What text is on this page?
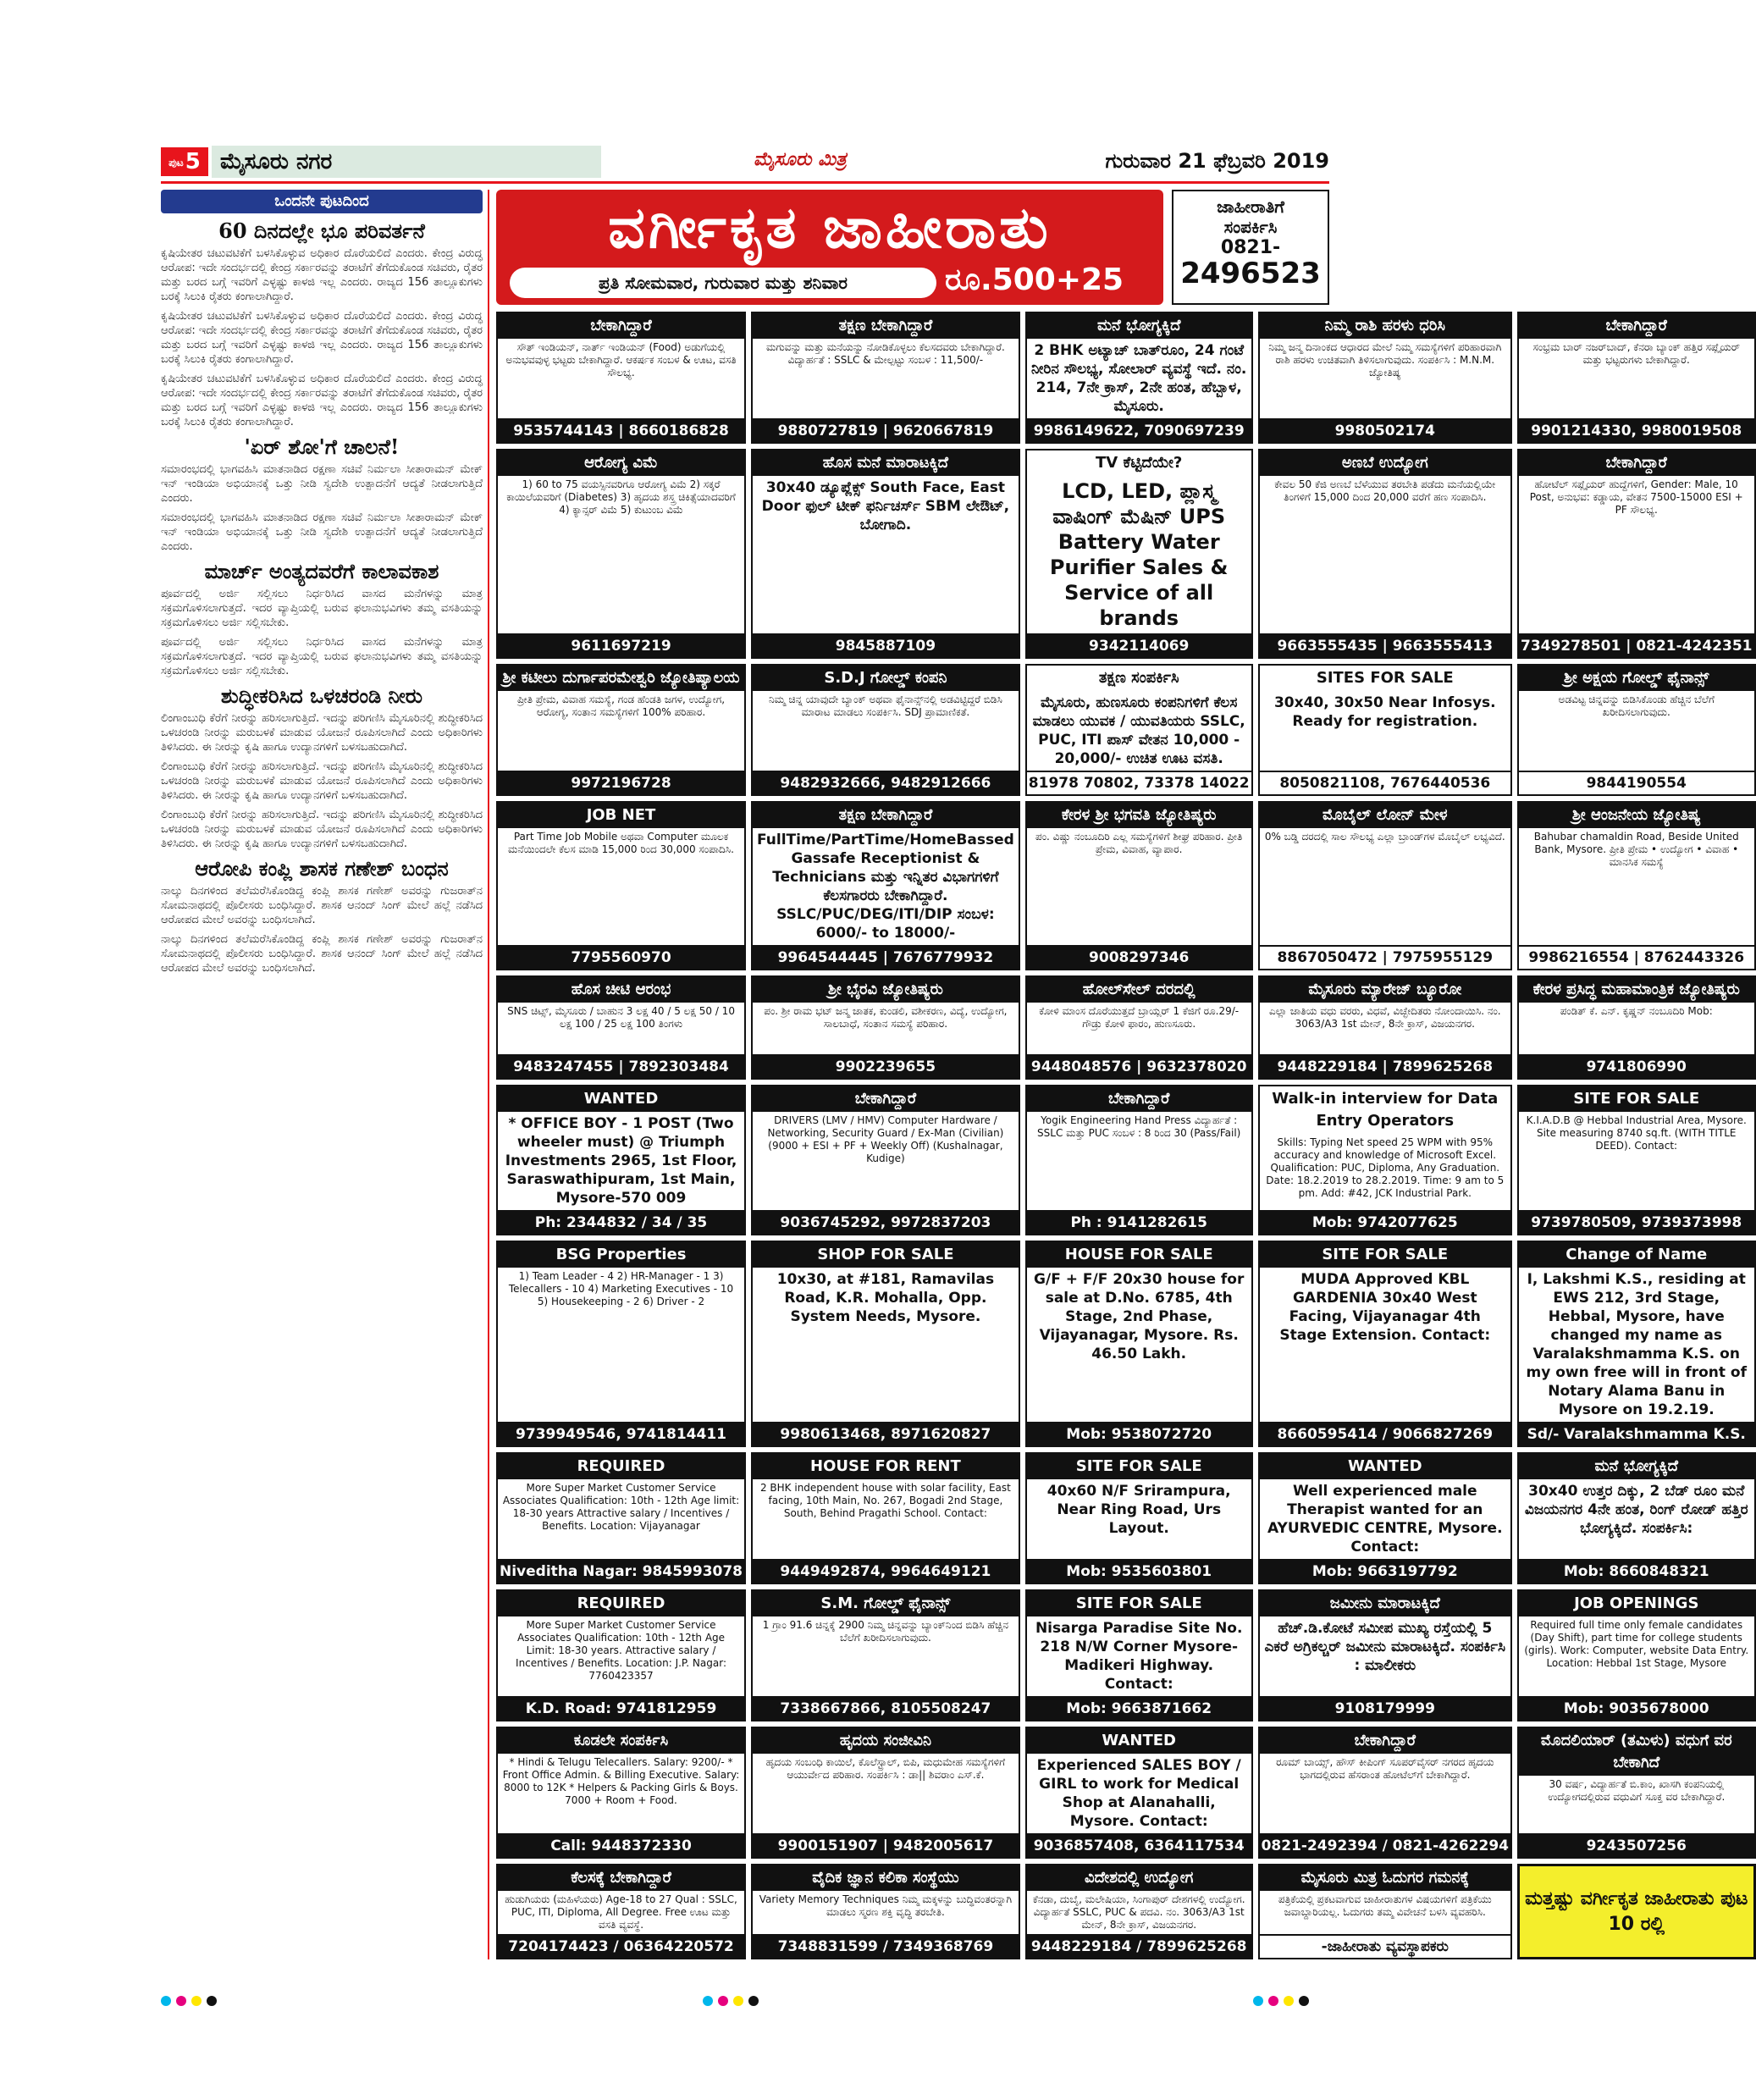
ಪುಟ5 ಮೈಸೂರು ನಗರ	ಮೈಸೂರು ಮಿತ್ರ	ಗುರುವಾರ 21 ಫೆಬ್ರವರಿ 2019
ಒಂದನೇ ಪುಟದಿಂದ
60 ದಿನದಲ್ಲೇ ಭೂ ಪರಿವರ್ತನೆ

ಕೃಷಿಯೇತರ ಚಟುವಟಿಕೆಗೆ ಬಳಸಿಕೊಳ್ಳುವ ಅಧಿಕಾರ ದೊರೆಯಲಿದೆ ಎಂದರು. ಕೇಂದ್ರ ವಿರುದ್ಧ ಆರೋಪ: ಇದೇ ಸಂದರ್ಭದಲ್ಲಿ ಕೇಂದ್ರ ಸರ್ಕಾರವನ್ನು ತರಾಟೆಗೆ ತೆಗೆದುಕೊಂಡ ಸಚಿವರು, ರೈತರ ಮತ್ತು ಬರದ ಬಗ್ಗೆ ಇವರಿಗೆ ಎಳ್ಳಷ್ಟು ಕಾಳಜಿ ಇಲ್ಲ ಎಂದರು. ರಾಜ್ಯದ 156 ತಾಲ್ಲೂಕುಗಳು ಬರಕ್ಕೆ ಸಿಲುಕಿ ರೈತರು ಕಂಗಾಲಾಗಿದ್ದಾರೆ.

ಕೃಷಿಯೇತರ ಚಟುವಟಿಕೆಗೆ ಬಳಸಿಕೊಳ್ಳುವ ಅಧಿಕಾರ ದೊರೆಯಲಿದೆ ಎಂದರು. ಕೇಂದ್ರ ವಿರುದ್ಧ ಆರೋಪ: ಇದೇ ಸಂದರ್ಭದಲ್ಲಿ ಕೇಂದ್ರ ಸರ್ಕಾರವನ್ನು ತರಾಟೆಗೆ ತೆಗೆದುಕೊಂಡ ಸಚಿವರು, ರೈತರ ಮತ್ತು ಬರದ ಬಗ್ಗೆ ಇವರಿಗೆ ಎಳ್ಳಷ್ಟು ಕಾಳಜಿ ಇಲ್ಲ ಎಂದರು. ರಾಜ್ಯದ 156 ತಾಲ್ಲೂಕುಗಳು ಬರಕ್ಕೆ ಸಿಲುಕಿ ರೈತರು ಕಂಗಾಲಾಗಿದ್ದಾರೆ.

ಕೃಷಿಯೇತರ ಚಟುವಟಿಕೆಗೆ ಬಳಸಿಕೊಳ್ಳುವ ಅಧಿಕಾರ ದೊರೆಯಲಿದೆ ಎಂದರು. ಕೇಂದ್ರ ವಿರುದ್ಧ ಆರೋಪ: ಇದೇ ಸಂದರ್ಭದಲ್ಲಿ ಕೇಂದ್ರ ಸರ್ಕಾರವನ್ನು ತರಾಟೆಗೆ ತೆಗೆದುಕೊಂಡ ಸಚಿವರು, ರೈತರ ಮತ್ತು ಬರದ ಬಗ್ಗೆ ಇವರಿಗೆ ಎಳ್ಳಷ್ಟು ಕಾಳಜಿ ಇಲ್ಲ ಎಂದರು. ರಾಜ್ಯದ 156 ತಾಲ್ಲೂಕುಗಳು ಬರಕ್ಕೆ ಸಿಲುಕಿ ರೈತರು ಕಂಗಾಲಾಗಿದ್ದಾರೆ.

'ಏರ್ ಶೋ'ಗೆ ಚಾಲನೆ!

ಸಮಾರಂಭದಲ್ಲಿ ಭಾಗವಹಿಸಿ ಮಾತನಾಡಿದ ರಕ್ಷಣಾ ಸಚಿವೆ ನಿರ್ಮಲಾ ಸೀತಾರಾಮನ್ ಮೇಕ್ ಇನ್ ಇಂಡಿಯಾ ಅಭಿಯಾನಕ್ಕೆ ಒತ್ತು ನೀಡಿ ಸ್ವದೇಶಿ ಉತ್ಪಾದನೆಗೆ ಆದ್ಯತೆ ನೀಡಲಾಗುತ್ತಿದೆ ಎಂದರು.

ಸಮಾರಂಭದಲ್ಲಿ ಭಾಗವಹಿಸಿ ಮಾತನಾಡಿದ ರಕ್ಷಣಾ ಸಚಿವೆ ನಿರ್ಮಲಾ ಸೀತಾರಾಮನ್ ಮೇಕ್ ಇನ್ ಇಂಡಿಯಾ ಅಭಿಯಾನಕ್ಕೆ ಒತ್ತು ನೀಡಿ ಸ್ವದೇಶಿ ಉತ್ಪಾದನೆಗೆ ಆದ್ಯತೆ ನೀಡಲಾಗುತ್ತಿದೆ ಎಂದರು.

ಮಾರ್ಚ್ ಅಂತ್ಯದವರೆಗೆ ಕಾಲಾವಕಾಶ

ಪೂರ್ವದಲ್ಲಿ ಅರ್ಜಿ ಸಲ್ಲಿಸಲು ನಿರ್ಧರಿಸಿದ ವಾಸದ ಮನೆಗಳನ್ನು ಮಾತ್ರ ಸಕ್ರಮಗೊಳಿಸಲಾಗುತ್ತದೆ. ಇದರ ವ್ಯಾಪ್ತಿಯಲ್ಲಿ ಬರುವ ಫಲಾನುಭವಿಗಳು ತಮ್ಮ ವಸತಿಯನ್ನು ಸಕ್ರಮಗೊಳಿಸಲು ಅರ್ಜಿ ಸಲ್ಲಿಸಬೇಕು.

ಪೂರ್ವದಲ್ಲಿ ಅರ್ಜಿ ಸಲ್ಲಿಸಲು ನಿರ್ಧರಿಸಿದ ವಾಸದ ಮನೆಗಳನ್ನು ಮಾತ್ರ ಸಕ್ರಮಗೊಳಿಸಲಾಗುತ್ತದೆ. ಇದರ ವ್ಯಾಪ್ತಿಯಲ್ಲಿ ಬರುವ ಫಲಾನುಭವಿಗಳು ತಮ್ಮ ವಸತಿಯನ್ನು ಸಕ್ರಮಗೊಳಿಸಲು ಅರ್ಜಿ ಸಲ್ಲಿಸಬೇಕು.

ಶುದ್ಧೀಕರಿಸಿದ ಒಳಚರಂಡಿ ನೀರು

ಲಿಂಗಾಂಬುಧಿ ಕೆರೆಗೆ ನೀರನ್ನು ಹರಿಸಲಾಗುತ್ತಿದೆ. ಇದನ್ನು ಪರಿಗಣಿಸಿ ಮೈಸೂರಿನಲ್ಲಿ ಶುದ್ಧೀಕರಿಸಿದ ಒಳಚರಂಡಿ ನೀರನ್ನು ಮರುಬಳಕೆ ಮಾಡುವ ಯೋಜನೆ ರೂಪಿಸಲಾಗಿದೆ ಎಂದು ಅಧಿಕಾರಿಗಳು ತಿಳಿಸಿದರು. ಈ ನೀರನ್ನು ಕೃಷಿ ಹಾಗೂ ಉದ್ಯಾನಗಳಿಗೆ ಬಳಸಬಹುದಾಗಿದೆ.

ಲಿಂಗಾಂಬುಧಿ ಕೆರೆಗೆ ನೀರನ್ನು ಹರಿಸಲಾಗುತ್ತಿದೆ. ಇದನ್ನು ಪರಿಗಣಿಸಿ ಮೈಸೂರಿನಲ್ಲಿ ಶುದ್ಧೀಕರಿಸಿದ ಒಳಚರಂಡಿ ನೀರನ್ನು ಮರುಬಳಕೆ ಮಾಡುವ ಯೋಜನೆ ರೂಪಿಸಲಾಗಿದೆ ಎಂದು ಅಧಿಕಾರಿಗಳು ತಿಳಿಸಿದರು. ಈ ನೀರನ್ನು ಕೃಷಿ ಹಾಗೂ ಉದ್ಯಾನಗಳಿಗೆ ಬಳಸಬಹುದಾಗಿದೆ.

ಲಿಂಗಾಂಬುಧಿ ಕೆರೆಗೆ ನೀರನ್ನು ಹರಿಸಲಾಗುತ್ತಿದೆ. ಇದನ್ನು ಪರಿಗಣಿಸಿ ಮೈಸೂರಿನಲ್ಲಿ ಶುದ್ಧೀಕರಿಸಿದ ಒಳಚರಂಡಿ ನೀರನ್ನು ಮರುಬಳಕೆ ಮಾಡುವ ಯೋಜನೆ ರೂಪಿಸಲಾಗಿದೆ ಎಂದು ಅಧಿಕಾರಿಗಳು ತಿಳಿಸಿದರು. ಈ ನೀರನ್ನು ಕೃಷಿ ಹಾಗೂ ಉದ್ಯಾನಗಳಿಗೆ ಬಳಸಬಹುದಾಗಿದೆ.

ಆರೋಪಿ ಕಂಪ್ಲಿ ಶಾಸಕ ಗಣೇಶ್ ಬಂಧನ

ನಾಲ್ಕು ದಿನಗಳಿಂದ ತಲೆಮರೆಸಿಕೊಂಡಿದ್ದ ಕಂಪ್ಲಿ ಶಾಸಕ ಗಣೇಶ್ ಅವರನ್ನು ಗುಜರಾತ್‌ನ ಸೋಮನಾಥದಲ್ಲಿ ಪೊಲೀಸರು ಬಂಧಿಸಿದ್ದಾರೆ. ಶಾಸಕ ಆನಂದ್ ಸಿಂಗ್ ಮೇಲೆ ಹಲ್ಲೆ ನಡೆಸಿದ ಆರೋಪದ ಮೇಲೆ ಅವರನ್ನು ಬಂಧಿಸಲಾಗಿದೆ.

ನಾಲ್ಕು ದಿನಗಳಿಂದ ತಲೆಮರೆಸಿಕೊಂಡಿದ್ದ ಕಂಪ್ಲಿ ಶಾಸಕ ಗಣೇಶ್ ಅವರನ್ನು ಗುಜರಾತ್‌ನ ಸೋಮನಾಥದಲ್ಲಿ ಪೊಲೀಸರು ಬಂಧಿಸಿದ್ದಾರೆ. ಶಾಸಕ ಆನಂದ್ ಸಿಂಗ್ ಮೇಲೆ ಹಲ್ಲೆ ನಡೆಸಿದ ಆರೋಪದ ಮೇಲೆ ಅವರನ್ನು ಬಂಧಿಸಲಾಗಿದೆ.

ವರ್ಗೀಕೃತ ಜಾಹೀರಾತು
ಪ್ರತಿ ಸೋಮವಾರ, ಗುರುವಾರ ಮತ್ತು ಶನಿವಾರ	ರೂ.500+25
ಜಾಹೀರಾತಿಗೆ
ಸಂಪರ್ಕಿಸಿ
0821-
2496523
ಬೇಕಾಗಿದ್ದಾರೆ
ಸೌತ್ ಇಂಡಿಯನ್, ನಾರ್ತ್ ಇಂಡಿಯನ್ (Food) ಅಡುಗೆಯಲ್ಲಿ ಅನುಭವವುಳ್ಳ ಭಟ್ಟರು ಬೇಕಾಗಿದ್ದಾರೆ. ಆಕರ್ಷಕ ಸಂಬಳ & ಊಟ, ವಸತಿ ಸೌಲಭ್ಯ.
9535744143 | 8660186828
ತಕ್ಷಣ ಬೇಕಾಗಿದ್ದಾರೆ
ಮಗುವನ್ನು ಮತ್ತು ಮನೆಯನ್ನು ನೋಡಿಕೊಳ್ಳಲು ಕೆಲಸದವರು ಬೇಕಾಗಿದ್ದಾರೆ. ವಿದ್ಯಾರ್ಹತೆ : SSLC & ಮೇಲ್ಪಟ್ಟು ಸಂಬಳ : 11,500/-
9880727819 | 9620667819
ಮನೆ ಭೋಗ್ಯಕ್ಕಿದೆ
2 BHK ಅಟ್ಯಾಚ್ ಬಾತ್‌ರೂಂ, 24 ಗಂಟೆ ನೀರಿನ ಸೌಲಭ್ಯ, ಸೋಲಾರ್ ವ್ಯವಸ್ಥೆ ಇದೆ. ನಂ. 214, 7ನೇ ಕ್ರಾಸ್, 2ನೇ ಹಂತ, ಹೆಬ್ಬಾಳ, ಮೈಸೂರು.
9986149622, 7090697239
ನಿಮ್ಮ ರಾಶಿ ಹರಳು ಧರಿಸಿ
ನಿಮ್ಮ ಜನ್ಮ ದಿನಾಂಕದ ಆಧಾರದ ಮೇಲೆ ನಿಮ್ಮ ಸಮಸ್ಯೆಗಳಿಗೆ ಪರಿಹಾರವಾಗಿ ರಾಶಿ ಹರಳು ಉಚಿತವಾಗಿ ತಿಳಿಸಲಾಗುವುದು. ಸಂಪರ್ಕಿಸಿ : M.N.M. ಜ್ಯೋತಿಷ್ಯ
9980502174
ಬೇಕಾಗಿದ್ದಾರೆ
ಸಂಭ್ರಮ ಬಾರ್ ನಜರ್‌ಬಾದ್, ಕೆನರಾ ಬ್ಯಾಂಕ್ ಹತ್ತಿರ ಸಪ್ಲೈಯರ್ ಮತ್ತು ಭಟ್ಟರುಗಳು ಬೇಕಾಗಿದ್ದಾರೆ.
9901214330, 9980019508
ಆರೋಗ್ಯ ವಿಮೆ
1) 60 to 75 ವಯಸ್ಸಿನವರಿಗೂ ಆರೋಗ್ಯ ವಿಮೆ 2) ಸಕ್ಕರೆ ಕಾಯಿಲೆಯವರಿಗೆ (Diabetes) 3) ಹೃದಯ ಶಸ್ತ್ರ ಚಿಕಿತ್ಸೆಯಾದವರಿಗೆ 4) ಕ್ಯಾನ್ಸರ್ ವಿಮೆ 5) ಕುಟುಂಬ ವಿಮೆ
9611697219
ಹೊಸ ಮನೆ ಮಾರಾಟಕ್ಕಿದೆ
30x40 ಡ್ಯೂಪ್ಲೆಕ್ಸ್ South Face, East Door ಫುಲ್ ಟೀಕ್ ಫರ್ನಿಚರ್ಸ್ SBM ಲೇಔಟ್, ಬೋಗಾದಿ.
9845887109
TV ಕೆಟ್ಟಿದೆಯೇ?
LCD, LED, ಪ್ಲಾಸ್ಮ ವಾಷಿಂಗ್ ಮೆಷಿನ್ UPS Battery Water Purifier Sales & Service of all brands
9342114069
ಅಣಬೆ ಉದ್ಯೋಗ
ಕೇವಲ 50 ಕೆಜಿ ಅಣಬೆ ಬೆಳೆಯುವ ತರಬೇತಿ ಪಡೆದು ಮನೆಯಲ್ಲಿಯೇ ತಿಂಗಳಿಗೆ 15,000 ದಿಂದ 20,000 ವರೆಗೆ ಹಣ ಸಂಪಾದಿಸಿ.
9663555435 | 9663555413
ಬೇಕಾಗಿದ್ದಾರೆ
ಹೋಟೆಲ್ ಸಪ್ಲೈಯರ್ ಹುದ್ದೆಗಳಿಗೆ, Gender: Male, 10 Post, ಅನುಭವ: ಕಡ್ಡಾಯ, ವೇತನ 7500-15000 ESI + PF ಸೌಲಭ್ಯ.
7349278501 | 0821-4242351
ಶ್ರೀ ಕಟೀಲು ದುರ್ಗಾಪರಮೇಶ್ವರಿ ಜ್ಯೋತಿಷ್ಯಾಲಯ
ಪ್ರೀತಿ ಪ್ರೇಮ, ವಿವಾಹ ಸಮಸ್ಯೆ, ಗಂಡ ಹೆಂಡತಿ ಜಗಳ, ಉದ್ಯೋಗ, ಆರೋಗ್ಯ, ಸಂತಾನ ಸಮಸ್ಯೆಗಳಿಗೆ 100% ಪರಿಹಾರ.
9972196728
S.D.J ಗೋಲ್ಡ್ ಕಂಪನಿ
ನಿಮ್ಮ ಚಿನ್ನ ಯಾವುದೇ ಬ್ಯಾಂಕ್ ಅಥವಾ ಫೈನಾನ್ಸ್‌ನಲ್ಲಿ ಅಡವಿಟ್ಟಿದ್ದರೆ ಬಿಡಿಸಿ ಮಾರಾಟ ಮಾಡಲು ಸಂಪರ್ಕಿಸಿ. SDJ ಪ್ರಾಮಾಣಿಕತೆ.
9482932666, 9482912666
ತಕ್ಷಣ ಸಂಪರ್ಕಿಸಿ
ಮೈಸೂರು, ಹುಣಸೂರು ಕಂಪನಿಗಳಿಗೆ ಕೆಲಸ ಮಾಡಲು ಯುವಕ / ಯುವತಿಯರು SSLC, PUC, ITI ಪಾಸ್ ವೇತನ 10,000 - 20,000/- ಉಚಿತ ಊಟ ವಸತಿ.
81978 70802, 73378 14022
SITES FOR SALE
30x40, 30x50 Near Infosys. Ready for registration.
8050821108, 7676440536
ಶ್ರೀ ಅಕ್ಷಯ ಗೋಲ್ಡ್ ಫೈನಾನ್ಸ್
ಅಡವಿಟ್ಟ ಚಿನ್ನವನ್ನು ಬಿಡಿಸಿಕೊಂಡು ಹೆಚ್ಚಿನ ಬೆಲೆಗೆ ಖರೀದಿಸಲಾಗುವುದು.
9844190554
JOB NET
Part Time Job Mobile ಅಥವಾ Computer ಮೂಲಕ ಮನೆಯಿಂದಲೇ ಕೆಲಸ ಮಾಡಿ 15,000 ರಿಂದ 30,000 ಸಂಪಾದಿಸಿ.
7795560970
ತಕ್ಷಣ ಬೇಕಾಗಿದ್ದಾರೆ
FullTime/PartTime/HomeBassed Gassafe Receptionist & Technicians ಮತ್ತು ಇನ್ನಿತರ ವಿಭಾಗಗಳಿಗೆ ಕೆಲಸಗಾರರು ಬೇಕಾಗಿದ್ದಾರೆ. SSLC/PUC/DEG/ITI/DIP ಸಂಬಳ: 6000/- to 18000/-
9964544445 | 7676779932
ಕೇರಳ ಶ್ರೀ ಭಗವತಿ ಜ್ಯೋತಿಷ್ಯರು
ಪಂ. ವಿಷ್ಣು ನಂಬೂದಿರಿ ಎಲ್ಲ ಸಮಸ್ಯೆಗಳಿಗೆ ಶೀಘ್ರ ಪರಿಹಾರ. ಪ್ರೀತಿ ಪ್ರೇಮ, ವಿವಾಹ, ವ್ಯಾಪಾರ.
9008297346
ಮೊಬೈಲ್ ಲೋನ್ ಮೇಳ
0% ಬಡ್ಡಿ ದರದಲ್ಲಿ ಸಾಲ ಸೌಲಭ್ಯ ಎಲ್ಲಾ ಬ್ರಾಂಡ್‌ಗಳ ಮೊಬೈಲ್ ಲಭ್ಯವಿದೆ.
8867050472 | 7975955129
ಶ್ರೀ ಆಂಜನೇಯ ಜ್ಯೋತಿಷ್ಯ
Bahubar chamaldin Road, Beside United Bank, Mysore. ಪ್ರೀತಿ ಪ್ರೇಮ • ಉದ್ಯೋಗ • ವಿವಾಹ • ಮಾನಸಿಕ ಸಮಸ್ಯೆ
9986216554 | 8762443326
ಹೊಸ ಚೀಟಿ ಆರಂಭ
SNS ಚಿಟ್ಸ್, ಮೈಸೂರು / ಬಾಹುನ 3 ಲಕ್ಷ 40 / 5 ಲಕ್ಷ 50 / 10 ಲಕ್ಷ 100 / 25 ಲಕ್ಷ 100 ತಿಂಗಳು
9483247455 | 7892303484
ಶ್ರೀ ಭೈರವಿ ಜ್ಯೋತಿಷ್ಯರು
ಪಂ. ಶ್ರೀ ರಾಮ ಭಟ್ ಜನ್ಮ ಜಾತಕ, ಕುಂಡಲಿ, ವಶೀಕರಣ, ವಿದ್ಯೆ, ಉದ್ಯೋಗ, ಸಾಲಬಾಧೆ, ಸಂತಾನ ಸಮಸ್ಯೆ ಪರಿಹಾರ.
9902239655
ಹೋಲ್‌ಸೇಲ್ ದರದಲ್ಲಿ
ಕೋಳಿ ಮಾಂಸ ದೊರೆಯುತ್ತದೆ ಬ್ರಾಯ್ಲರ್ 1 ಕೆಜಿಗೆ ರೂ.29/- ಗೌಡ್ರು ಕೋಳಿ ಫಾರಂ, ಹುಣಸೂರು.
9448048576 | 9632378020
ಮೈಸೂರು ಮ್ಯಾರೇಜ್ ಬ್ಯೂರೋ
ಎಲ್ಲಾ ಜಾತಿಯ ವಧು ವರರು, ವಿಧವೆ, ವಿಚ್ಛೇದಿತರು ನೋಂದಾಯಿಸಿ. ನಂ. 3063/A3 1st ಮೇನ್, 8ನೇ ಕ್ರಾಸ್, ವಿಜಯನಗರ.
9448229184 | 7899625268
ಕೇರಳ ಪ್ರಸಿದ್ಧ ಮಹಾಮಾಂತ್ರಿಕ ಜ್ಯೋತಿಷ್ಯರು
ಪಂಡಿತ್ ಕೆ. ಎನ್. ಕೃಷ್ಣನ್ ನಂಬೂದಿರಿ Mob:
9741806990
WANTED
* OFFICE BOY - 1 POST (Two wheeler must) @ Triumph Investments 2965, 1st Floor, Saraswathipuram, 1st Main, Mysore-570 009
Ph: 2344832 / 34 / 35
ಬೇಕಾಗಿದ್ದಾರೆ
DRIVERS (LMV / HMV) Computer Hardware / Networking, Security Guard / Ex-Man (Civilian) (9000 + ESI + PF + Weekly Off) (Kushalnagar, Kudige)
9036745292, 9972837203
ಬೇಕಾಗಿದ್ದಾರೆ
Yogik Engineering Hand Press ವಿದ್ಯಾರ್ಹತೆ : SSLC ಮತ್ತು PUC ಸಂಬಳ : 8 ರಿಂದ 30 (Pass/Fail)
Ph : 9141282615
Walk-in interview for Data Entry Operators
Skills: Typing Net speed 25 WPM with 95% accuracy and knowledge of Microsoft Excel. Qualification: PUC, Diploma, Any Graduation. Date: 18.2.2019 to 28.2.2019. Time: 9 am to 5 pm. Add: #42, JCK Industrial Park.
Mob: 9742077625
SITE FOR SALE
K.I.A.D.B @ Hebbal Industrial Area, Mysore. Site measuring 8740 sq.ft. (WITH TITLE DEED). Contact:
9739780509, 9739373998
BSG Properties
1) Team Leader - 4 2) HR-Manager - 1 3) Telecallers - 10 4) Marketing Executives - 10 5) Housekeeping - 2 6) Driver - 2
9739949546, 9741814411
SHOP FOR SALE
10x30, at #181, Ramavilas Road, K.R. Mohalla, Opp. System Needs, Mysore.
9980613468, 8971620827
HOUSE FOR SALE
G/F + F/F 20x30 house for sale at D.No. 6785, 4th Stage, 2nd Phase, Vijayanagar, Mysore. Rs. 46.50 Lakh.
Mob: 9538072720
SITE FOR SALE
MUDA Approved KBL GARDENIA 30x40 West Facing, Vijayanagar 4th Stage Extension. Contact:
8660595414 / 9066827269
Change of Name
I, Lakshmi K.S., residing at EWS 212, 3rd Stage, Hebbal, Mysore, have changed my name as Varalakshmamma K.S. on my own free will in front of Notary Alama Banu in Mysore on 19.2.19.
Sd/- Varalakshmamma K.S.
REQUIRED
More Super Market Customer Service Associates Qualification: 10th - 12th Age limit: 18-30 years Attractive salary / Incentives / Benefits. Location: Vijayanagar
Niveditha Nagar: 9845993078
HOUSE FOR RENT
2 BHK independent house with solar facility, East facing, 10th Main, No. 267, Bogadi 2nd Stage, South, Behind Pragathi School. Contact:
9449492874, 9964649121
SITE FOR SALE
40x60 N/F Srirampura, Near Ring Road, Urs Layout.
Mob: 9535603801
WANTED
Well experienced male Therapist wanted for an AYURVEDIC CENTRE, Mysore. Contact:
Mob: 9663197792
ಮನೆ ಭೋಗ್ಯಕ್ಕಿದೆ
30x40 ಉತ್ತರ ದಿಕ್ಕು, 2 ಬೆಡ್ ರೂಂ ಮನೆ ವಿಜಯನಗರ 4ನೇ ಹಂತ, ರಿಂಗ್ ರೋಡ್ ಹತ್ತಿರ ಭೋಗ್ಯಕ್ಕಿದೆ. ಸಂಪರ್ಕಿಸಿ:
Mob: 8660848321
REQUIRED
More Super Market Customer Service Associates Qualification: 10th - 12th Age Limit: 18-30 years. Attractive salary / Incentives / Benefits. Location: J.P. Nagar: 7760423357
K.D. Road: 9741812959
S.M. ಗೋಲ್ಡ್ ಫೈನಾನ್ಸ್
1 ಗ್ರಾಂ 91.6 ಚಿನ್ನಕ್ಕೆ 2900 ನಿಮ್ಮ ಚಿನ್ನವನ್ನು ಬ್ಯಾಂಕ್‌ನಿಂದ ಬಿಡಿಸಿ ಹೆಚ್ಚಿನ ಬೆಲೆಗೆ ಖರೀದಿಸಲಾಗುವುದು.
7338667866, 8105508247
SITE FOR SALE
Nisarga Paradise Site No. 218 N/W Corner Mysore-Madikeri Highway. Contact:
Mob: 9663871662
ಜಮೀನು ಮಾರಾಟಕ್ಕಿದೆ
ಹೆಚ್.ಡಿ.ಕೋಟೆ ಸಮೀಪ ಮುಖ್ಯ ರಸ್ತೆಯಲ್ಲಿ 5 ಎಕರೆ ಅಗ್ರಿಕಲ್ಚರ್ ಜಮೀನು ಮಾರಾಟಕ್ಕಿದೆ. ಸಂಪರ್ಕಿಸಿ : ಮಾಲೀಕರು
9108179999
JOB OPENINGS
Required full time only female candidates (Day Shift), part time for college students (girls). Work: Computer, website Data Entry. Location: Hebbal 1st Stage, Mysore
Mob: 9035678000
ಕೂಡಲೇ ಸಂಪರ್ಕಿಸಿ
* Hindi & Telugu Telecallers. Salary: 9200/- * Front Office Admin. & Billing Executive. Salary: 8000 to 12K * Helpers & Packing Girls & Boys. 7000 + Room + Food.
Call: 9448372330
ಹೃದಯ ಸಂಜೀವಿನಿ
ಹೃದಯ ಸಂಬಂಧಿ ಕಾಯಿಲೆ, ಕೊಲೆಸ್ಟ್ರಾಲ್, ಬಿಪಿ, ಮಧುಮೇಹ ಸಮಸ್ಯೆಗಳಿಗೆ ಆಯುರ್ವೇದ ಪರಿಹಾರ. ಸಂಪರ್ಕಿಸಿ : ಡಾ|| ಶಿವರಾಂ ಎಸ್.ಕೆ.
9900151907 | 9482005617
WANTED
Experienced SALES BOY / GIRL to work for Medical Shop at Alanahalli, Mysore. Contact:
9036857408, 6364117534
ಬೇಕಾಗಿದ್ದಾರೆ
ರೂಮ್ ಬಾಯ್ಸ್, ಹೌಸ್ ಕೀಪಿಂಗ್ ಸೂಪರ್‌ವೈಸರ್ ನಗರದ ಹೃದಯ ಭಾಗದಲ್ಲಿರುವ ಹೆಸರಾಂತ ಹೋಟೆಲ್‌ಗೆ ಬೇಕಾಗಿದ್ದಾರೆ.
0821-2492394 / 0821-4262294
ಮೊದಲಿಯಾರ್ (ತಮಿಳು) ವಧುಗೆ ವರ ಬೇಕಾಗಿದೆ
30 ವರ್ಷ, ವಿದ್ಯಾರ್ಹತೆ ಬಿ.ಕಾಂ, ಖಾಸಗಿ ಕಂಪನಿಯಲ್ಲಿ ಉದ್ಯೋಗದಲ್ಲಿರುವ ವಧುವಿಗೆ ಸೂಕ್ತ ವರ ಬೇಕಾಗಿದ್ದಾರೆ.
9243507256
ಕೆಲಸಕ್ಕೆ ಬೇಕಾಗಿದ್ದಾರೆ
ಹುಡುಗಿಯರು (ಮಹಿಳೆಯರು) Age-18 to 27 Qual : SSLC, PUC, ITI, Diploma, All Degree. Free ಊಟ ಮತ್ತು ವಸತಿ ವ್ಯವಸ್ಥೆ.
7204174423 / 06364220572
ವೈದಿಕ ಜ್ಞಾನ ಕಲಿಕಾ ಸಂಸ್ಥೆಯು
Variety Memory Techniques ನಿಮ್ಮ ಮಕ್ಕಳನ್ನು ಬುದ್ಧಿವಂತರನ್ನಾಗಿ ಮಾಡಲು ಸ್ಮರಣ ಶಕ್ತಿ ವೃದ್ಧಿ ತರಬೇತಿ.
7348831599 / 7349368769
ವಿದೇಶದಲ್ಲಿ ಉದ್ಯೋಗ
ಕೆನಡಾ, ದುಬೈ, ಮಲೇಷಿಯಾ, ಸಿಂಗಾಪುರ್ ದೇಶಗಳಲ್ಲಿ ಉದ್ಯೋಗ. ವಿದ್ಯಾರ್ಹತೆ SSLC, PUC & ಪದವಿ. ನಂ. 3063/A3 1st ಮೇನ್, 8ನೇ ಕ್ರಾಸ್, ವಿಜಯನಗರ.
9448229184 / 7899625268
ಮೈಸೂರು ಮಿತ್ರ ಓದುಗರ ಗಮನಕ್ಕೆ
ಪತ್ರಿಕೆಯಲ್ಲಿ ಪ್ರಕಟವಾಗುವ ಜಾಹೀರಾತುಗಳ ವಿಷಯಗಳಿಗೆ ಪತ್ರಿಕೆಯು ಜವಾಬ್ದಾರಿಯಲ್ಲ. ಓದುಗರು ತಮ್ಮ ವಿವೇಚನೆ ಬಳಸಿ ವ್ಯವಹರಿಸಿ.
-ಜಾಹೀರಾತು ವ್ಯವಸ್ಥಾಪಕರು
ಮತ್ತಷ್ಟು ವರ್ಗೀಕೃತ ಜಾಹೀರಾತು ಪುಟ 10 ರಲ್ಲಿ
